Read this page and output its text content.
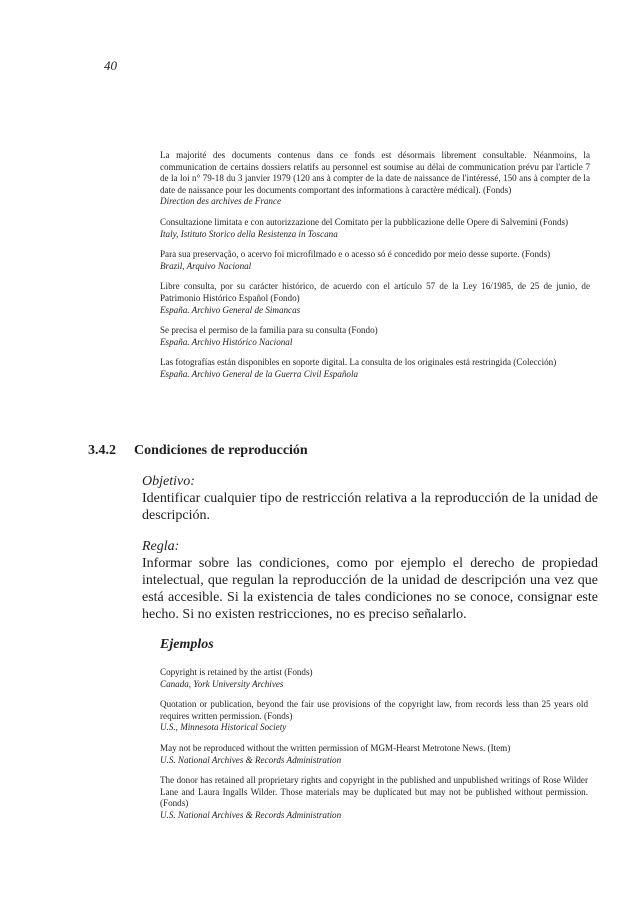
40
La majorité des documents contenus dans ce fonds est désormais librement consultable. Néanmoins, la communication de certains dossiers relatifs au personnel est soumise au délai de communication prévu par l'article 7 de la loi n° 79-18 du 3 janvier 1979 (120 ans à compter de la date de naissance de l'intéressé, 150 ans à compter de la date de naissance pour les documents comportant des informations à caractère médical). (Fonds)
Direction des archives de France
Consultazione limitata e con autorizzazione del Comitato per la pubblicazione delle Opere di Salvemini (Fonds)
Italy, Istituto Storico della Resistenza in Toscana
Para sua preservação, o acervo foi microfilmado e o acesso só é concedido por meio desse suporte. (Fonds)
Brazil, Arquivo Nacional
Libre consulta, por su carácter histórico, de acuerdo con el artículo 57 de la Ley 16/1985, de 25 de junio, de Patrimonio Histórico Español (Fondo)
España. Archivo General de Simancas
Se precisa el permiso de la familia para su consulta (Fondo)
España. Archivo Histórico Nacional
Las fotografías están disponibles en soporte digital. La consulta de los originales está restringida (Colección)
España. Archivo General de la Guerra Civil Española
3.4.2	Condiciones de reproducción

Objetivo:

Identificar cualquier tipo de restricción relativa a la reproducción de la unidad de descripción.

Regla:

Informar sobre las condiciones, como por ejemplo el derecho de propiedad intelectual, que regulan la reproducción de la unidad de descripción una vez que está accesible. Si la existencia de tales condiciones no se conoce, consignar este hecho. Si no existen restricciones, no es preciso señalarlo.

Ejemplos
Copyright is retained by the artist (Fonds)
Canada, York University Archives
Quotation or publication, beyond the fair use provisions of the copyright law, from records less than 25 years old requires written permission. (Fonds)
U.S., Minnesota Historical Society
May not be reproduced without the written permission of MGM-Hearst Metrotone News. (Item)
U.S. National Archives & Records Administration
The donor has retained all proprietary rights and copyright in the published and unpublished writings of Rose Wilder Lane and Laura Ingalls Wilder. Those materials may be duplicated but may not be published without permission. (Fonds)
U.S. National Archives & Records Administration
